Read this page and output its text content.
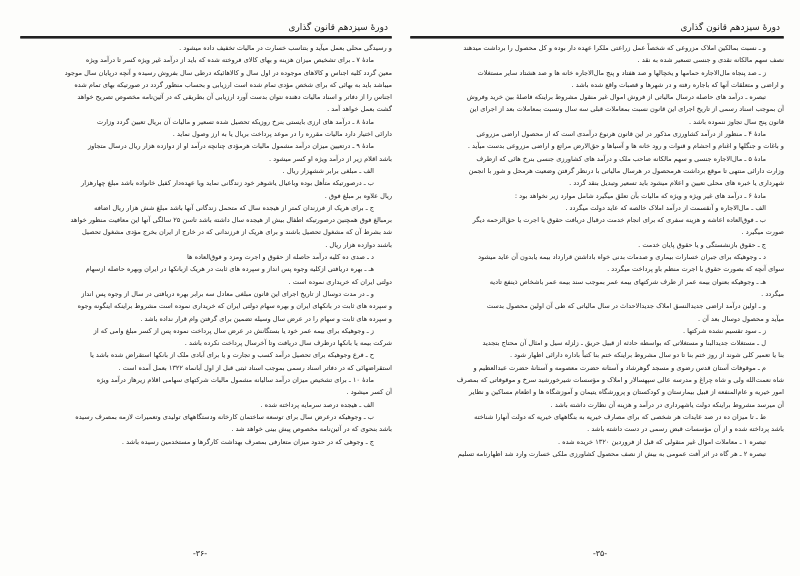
دورهٔ سیزدهم قانون گذاری
و رسیدگی محلی بعمل میآید و بتناسب خسارت در مالیات تخفیف داده میشود .
مادهٔ ۷ ـ برای تشخیص میزان هزینه و بهای کالای فروخته شده که باید از درآمد غیر ویژه کسر تا درآمد ویژه
معین گردد کلیه اجناس و کالاهای موجوده در اول سال و کالاهائیکه درطی سال بفروش رسیده و آنچه درپایان سال موجود
میباشد باید به بهائی که برای شخص مؤدی تمام شده است ارزیابی و بحساب منظور گردد در صورتیکه بهای تمام شده
اجناس را از دفاتر و اسناد مالیات دهنده نتوان بدست آورد ارزیابی آن بطریقی که در آئین‌نامه مخصوص تصریح خواهد
گشت بعمل خواهد آمد .
مادهٔ ۸ ـ درآمد های ارزی بایستی بنرخ روزیکه تحصیل شده تسعیر و مالیات آن بریال تعیین گردد وزارت
دارائی اختیار دارد مالیات مقرره را در موعد پرداخت بریال یا به ارز وصول نماید .
مادهٔ ۹ ـ درتعیین میزان درآمد مشمول مالیات هرمؤدی چنانچه درآمد او از دوازده هزار ریال درسال متجاوز
باشد اقلام زیر از درآمد ویژه او کسر میشود .
الف ـ مبلغی برابر ششهزار ریال .
ب ـ درصورتیکه متأهل بوده وباعیال یاشوهر خود زندگانی نماید ویا عهده‌دار کفیل خانواده باشد مبلغ چهارهزار
ریال علاوه بر مبلغ فوق .
ج ـ برای هریک از فرزندان کمتر از هیجده سال که متحمل زندگانی آنها باشد مبلغ شش هزار ریال اضافه
برمبالغ فوق همچنین درصورتیکه اطفال بیش از هیجده سال داشته باشد تاسن ۲۵ سالگی آنها این معافیت منظور خواهد
شد بشرط آن که مشغول تحصیل باشند و برای هریک از فرزندانی که در خارج از ایران بخرج مؤدی مشغول تحصیل
باشند دوازده هزار ریال .
د ـ صدی ده کلیه درآمد حاصله از حقوق و اجرت ومزد و فوق‌العاده ها
هـ ـ بهره دریافتی ازکلیه وجوه پس انداز و سپرده های ثابت در هریک ازبانکها در ایران وبهره حاصله ازسهام
دولتی ایران که خریداری نموده است .
و ـ در مدت دوسال از تاریخ اجرای این قانون مبلغی معادل سه برابر بهره دریافتی در سال از وجوه پس انداز
و سپرده های ثابت در بانکهای ایران و بهره سهام دولتی ایران که خریداری نموده است مشروط براینکه اینگونه وجوه
و سپرده های ثابت و سهام را در عرض سال وسیله تضمین برای گرفتن وام قرار نداده باشد .
ز ـ وجوهیکه برای بیمه عمر خود یا بستگانش در عرض سال پرداخت نموده پس از کسر مبلغ وامی که از
شرکت بیمه یا بانکها درظرف سال دریافت وتا آخرسال پرداخت نکرده باشد .
ح ـ فرع وجوهیکه برای تحصیل درآمد کسب و تجارت و یا برای آبادی ملک از بانکها استقراض شده باشد یا
استقراضهائی که در دفاتر اسناد رسمی بموجب اسناد ثبتی قبل از اول آبانماه ۱۳۲۲ بعمل آمده است .
مادهٔ ۱۰ ـ برای تشخیص میزان درآمد سالیانه مشمول مالیات شرکتهای سهامی اقلام زیرهاز درآمد ویژه
آن کسر میشود .
الف ـ هیجده درصد سرمایه پرداخته شده .
ب ـ وجوهیکه درعرض سال برای توسعه ساختمان کارخانه ودستگاههای تولیدی وتعمیرات لازمه بمصرف رسیده
باشد بنحوی که در آئین‌نامه مخصوص پیش بینی خواهد شد .
ج ـ وجوهی که در حدود میزان متعارفی بمصرف بهداشت کارگرها و مستخدمین رسیده باشد .
-۳۶-
دورهٔ سیزدهم قانون گذاری
و ـ نسبت بمالکین املاک مزروعی که شخصاً عمل زراعتی ملکرا عهده دار بوده و کل محصول را برداشت میدهند
نصف سهم مالکانه نقدی و جنسی تسعیر شده به نقد .
ز ـ صد پنجاه مال‌الاجاره حمامها و یخچالها و صد هفتاد و پنج مال‌الاجاره خانه ها و صد هشتاد سایر مستغلات
و اراضی و متعلقات آنها که باجاره رفته و در شهرها و قصبات واقع شده باشد .
تبصره ـ درآمد های حاصله درسال مالیاتی از فروش اموال غیر منقول مشروط براینکه فاصلهٔ بین خرید وفروش
آن بموجب اسناد رسمی از تاریخ اجرای این قانون نسبت بمعاملات قبلی سه سال ونسبت بمعاملات بعد از اجرای این
قانون پنج سال تجاوز ننموده باشد .
مادهٔ ۴ ـ منظور از درآمد کشاورزی مذکور در این قانون هرنوع درآمدی است که از محصول اراضی مزروعی
و باغات و جنگلها و اغنام و احشام و قنوات و رود خانه ها و آسیاها و حق‌الارض مراتع و اراضی مزروعی بدست میآید .
مادهٔ ۵ ـ مال‌الاجاره جنسی و سهم مالکانه صاحب ملک و درآمد های کشاورزی جنسی بنرخ هائی که ازطرف
وزارت دارائی منتهی تا موقع برداشت هرمحصول در هرسال مالیاتی با درنظر گرفتن وضعیت هرمحل و شور با انجمن
شهرداری یا خبره های محلی تعیین و اعلام میشود باید تسعیر وتبدیل بنقد گردد .
مادهٔ ۶ ـ درآمد های غیر ویژه و ویژه که مالیات بآن تعلق میگیرد شامل موارد زیر نخواهد بود :
الف ـ مال‌الاجاره و آنقسمت از درآمد املاک خالصه که عاید دولت میگردد .
ب ـ فوق‌العاده اعاشه و هزینه سفری که برای انجام خدمت درقبال دریافت حقوق یا اجرت یا حق‌الزحمه دیگر
صورت میگیرد .
ج ـ حقوق بازنشستگی و یا حقوق پایان خدمت .
د ـ وجوهیکه برای جبران خسارات بیماری و صدمات بدنی خواه باداشتن قرارداد بیمه یابدون آن عاید میشود
سوای آنچه که بصورت حقوق یا اجرت منظم باو پرداخت میگردد .
هـ ـ وجوهیکه بعنوان بیمه عمر از طرف شرکتهای بیمه عمر بموجب سند بیمه عمر باشخاص ذینفع تادیه
میگردد .
و ـ اولین درآمد اراضی جدیدالنسق املاک جدیدالاحداث در سال مالیاتی که طی آن اولین محصول بدست
میآید و محصول دوسال بعد آن .
ز ـ سود تقسیم نشده شرکتها .
ل ـ مستغلات جدیدالبنا و مستغلاتی که بواسطه حادثه از قبیل حریق ـ زلزله سیل و امثال آن محتاج بتجدید
بنا یا تعمیر کلی شوند از روز ختم بنا تا دو سال مشروط براینکه ختم بنا کتباً باداره دارائی اظهار شود .
م ـ موقوفات آستان قدس رضوی و مسجد گوهرشاد و آستانه حضرت معصومه و آستانهٔ حضرت عبدالعظیم و
شاه نعمت‌الله ولی و شاه چراغ و مدرسه عالی سپهسالار و املاک و مؤسسات شیرخورشید سرخ و موقوفاتی که بمصرف
امور خیریه و عام‌المنفعه از قبیل بیمارستان و کودکستان و پرورشگاه یتیمان و آموزشگاه ها و اطعام مساکین و نظایر
آن میرسد مشروط براینکه دولت یاشهرداری در درآمد و هزینه آن نظارت داشته باشد .
ط ـ تا میزان ده در صد عایدات هر شخصی که برای مصارف خیریه به بنگاههای خیریه که دولت آنهارا شناخته
باشد پرداخته شده و از آن مؤسسات قبض رسمی در دست داشته باشد .
تبصره ۱ ـ معاملات اموال غیر منقولی که قبل از فروردین ۱۳۲۰ خریده شده .
تبصره ۲ ـ هر گاه در اثر آفت عمومی به بیش از نصف محصول کشاورزی ملکی خسارت وارد شد اظهارنامه تسلیم
-۳۵-
